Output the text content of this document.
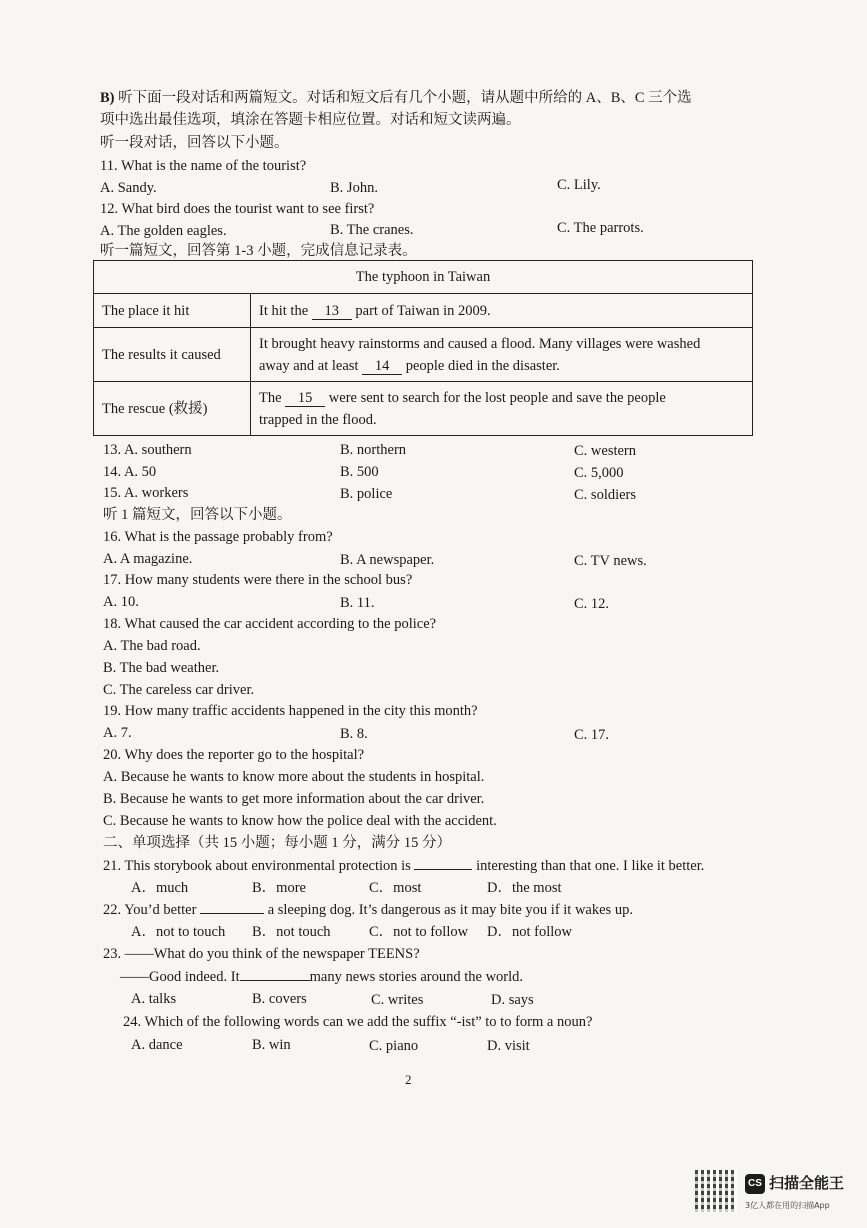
B) 听下面一段对话和两篇短文。对话和短文后有几个小题，请从题中所给的 A、B、C 三个选
项中选出最佳选项，填涂在答题卡相应位置。对话和短文读两遍。
听一段对话，回答以下小题。
11. What is the name of the tourist?
A. Sandy.	B. John.	C. Lily.
12. What bird does the tourist want to see first?
A. The golden eagles.	B. The cranes.	C. The parrots.
听一篇短文，回答第 1-3 小题，完成信息记录表。
The typhoon in Taiwan	
The place it hit	It hit the 13 part of Taiwan in 2009.
The results it caused	It brought heavy rainstorms and caused a flood. Many villages were washed
away and at least 14 people died in the disaster.
The rescue (救援)	The 15 were sent to search for the lost people and save the people
trapped in the flood.
13. A. southern	B. northern	C. western
14. A. 50	B. 500	C. 5,000
15. A. workers	B. police	C. soldiers
听 1 篇短文，回答以下小题。
16. What is the passage probably from?
A. A magazine.	B. A newspaper.	C. TV news.
17. How many students were there in the school bus?
A. 10.	B. 11.	C. 12.
18. What caused the car accident according to the police?
A. The bad road.
B. The bad weather.
C. The careless car driver.
19. How many traffic accidents happened in the city this month?
A. 7.	B. 8.	C. 17.
20. Why does the reporter go to the hospital?
A. Because he wants to know more about the students in hospital.
B. Because he wants to get more information about the car driver.
C. Because he wants to know how the police deal with the accident.
二、单项选择（共 15 小题；每小题 1 分，满分 15 分）
21. This storybook about environmental protection is	interesting than that one. I like it better.
A．much	B．more	C．most	D．the most
22. You’d better	a sleeping dog. It’s dangerous as it may bite you if it wakes up.
A．not to touch B．not touch	C．not to follow D．not follow
23. ——What do you think of the newspaper TEENS?
——Good indeed. It	many news stories around the world.
A. talks	B. covers	C. writes	D. says
24. Which of the following words can we add the suffix “-ist” to to form a noun?
A. dance	B. win	C. piano	D. visit
2
CS 扫描全能王
3亿人都在用的扫描App
